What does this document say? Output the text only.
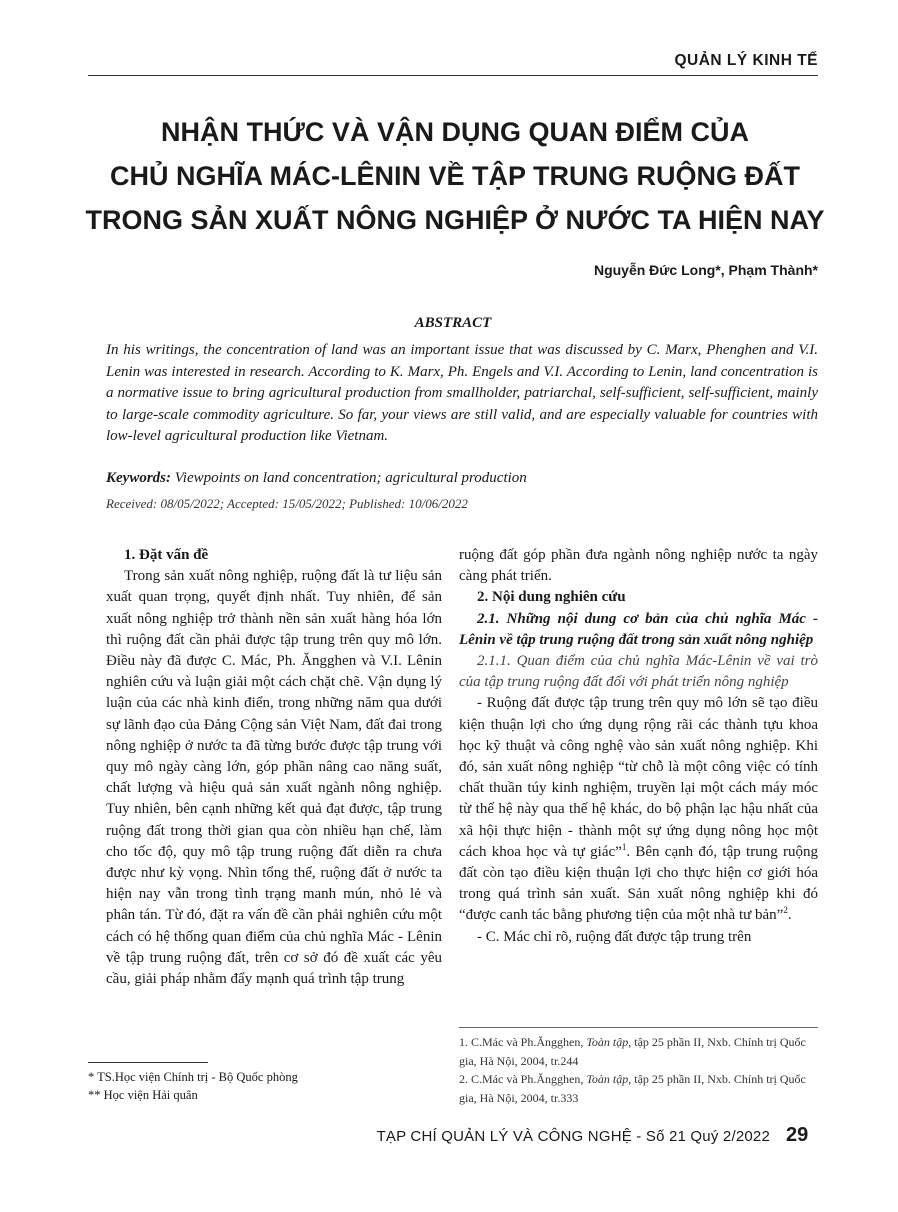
QUẢN LÝ KINH TẾ
NHẬN THỨC VÀ VẬN DỤNG QUAN ĐIỂM CỦA
CHỦ NGHĨA MÁC-LÊNIN VỀ TẬP TRUNG RUỘNG ĐẤT
TRONG SẢN XUẤT NÔNG NGHIỆP Ở NƯỚC TA HIỆN NAY
Nguyễn Đức Long*, Phạm Thành*
ABSTRACT
In his writings, the concentration of land was an important issue that was discussed by C. Marx, Phenghen and V.I. Lenin was interested in research. According to K. Marx, Ph. Engels and V.I. According to Lenin, land concentration is a normative issue to bring agricultural production from smallholder, patriarchal, self-sufficient, self-sufficient, mainly to large-scale commodity agriculture. So far, your views are still valid, and are especially valuable for countries with low-level agricultural production like Vietnam.
Keywords: Viewpoints on land concentration; agricultural production
Received: 08/05/2022; Accepted: 15/05/2022; Published: 10/06/2022

1. Đặt vấn đề

Trong sản xuất nông nghiệp, ruộng đất là tư liệu sản xuất quan trọng, quyết định nhất. Tuy nhiên, để sản xuất nông nghiệp trở thành nền sản xuất hàng hóa lớn thì ruộng đất cần phải được tập trung trên quy mô lớn. Điều này đã được C. Mác, Ph. Ăngghen và V.I. Lênin nghiên cứu và luận giải một cách chặt chẽ. Vận dụng lý luận của các nhà kinh điển, trong những năm qua dưới sự lãnh đạo của Đảng Cộng sản Việt Nam, đất đai trong nông nghiệp ở nước ta đã từng bước được tập trung với quy mô ngày càng lớn, góp phần nâng cao năng suất, chất lượng và hiệu quả sản xuất ngành nông nghiệp. Tuy nhiên, bên cạnh những kết quả đạt được, tập trung ruộng đất trong thời gian qua còn nhiều hạn chế, làm cho tốc độ, quy mô tập trung ruộng đất diễn ra chưa được như kỳ vọng. Nhìn tổng thể, ruộng đất ở nước ta hiện nay vẫn trong tình trạng manh mún, nhỏ lẻ và phân tán. Từ đó, đặt ra vấn đề cần phải nghiên cứu một cách có hệ thống quan điểm của chủ nghĩa Mác - Lênin về tập trung ruộng đất, trên cơ sở đó đề xuất các yêu cầu, giải pháp nhằm đẩy mạnh quá trình tập trung

ruộng đất góp phần đưa ngành nông nghiệp nước ta ngày càng phát triển.

2. Nội dung nghiên cứu

2.1. Những nội dung cơ bản của chủ nghĩa Mác - Lênin về tập trung ruộng đất trong sản xuất nông nghiệp

2.1.1. Quan điểm của chủ nghĩa Mác-Lênin về vai trò của tập trung ruộng đất đối với phát triển nông nghiệp

- Ruộng đất được tập trung trên quy mô lớn sẽ tạo điều kiện thuận lợi cho ứng dụng rộng rãi các thành tựu khoa học kỹ thuật và công nghệ vào sản xuất nông nghiệp. Khi đó, sản xuất nông nghiệp “từ chỗ là một công việc có tính chất thuần túy kinh nghiệm, truyền lại một cách máy móc từ thế hệ này qua thế hệ khác, do bộ phận lạc hậu nhất của xã hội thực hiện - thành một sự ứng dụng nông học một cách khoa học và tự giác”$^1$. Bên cạnh đó, tập trung ruộng đất còn tạo điều kiện thuận lợi cho thực hiện cơ giới hóa trong quá trình sản xuất. Sản xuất nông nghiệp khi đó “được canh tác bằng phương tiện của một nhà tư bản”$^2$.

- C. Mác chỉ rõ, ruộng đất được tập trung trên

* TS.Học viện Chính trị - Bộ Quốc phòng
** Học viện Hải quân

1. C.Mác và Ph.Ăngghen, Toàn tập, tập 25 phần II, Nxb. Chính trị Quốc gia, Hà Nội, 2004, tr.244

2. C.Mác và Ph.Ăngghen, Toàn tập, tập 25 phần II, Nxb. Chính trị Quốc gia, Hà Nội, 2004, tr.333

TẠP CHÍ QUẢN LÝ VÀ CÔNG NGHỆ - Số 21 Quý 2/2022 29
